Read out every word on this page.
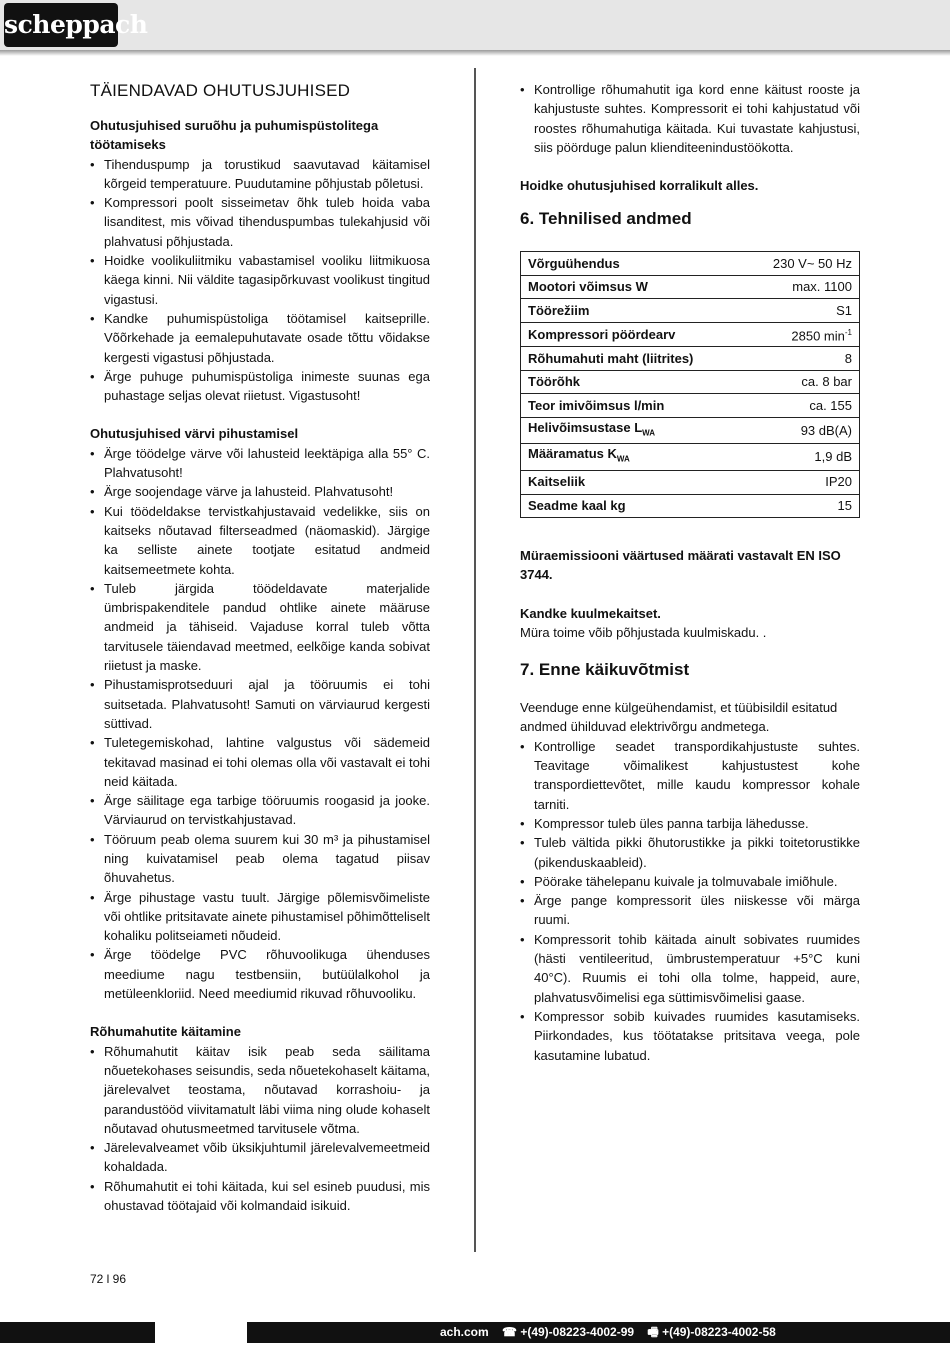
scheppach
TÄIENDAVAD OHUTUSJUHISED
Ohutusjuhised suruõhu ja puhumispüstolitega töötamiseks
• Tihenduspump ja torustikud saavutavad käitamisel kõrgeid temperatuure. Puudutamine põhjustab põletusi.
• Kompressori poolt sisseimetav õhk tuleb hoida vaba lisanditest, mis võivad tihenduspumbas tulekahjusid või plahvatusi põhjustada.
• Hoidke voolikuliitmiku vabastamisel vooliku liitmikuosa käega kinni. Nii väldite tagasipõrkuvast voolikust tingitud vigastusi.
• Kandke puhumispüstoliga töötamisel kaitseprille. Võõrkehade ja eemalepuhutavate osade tõttu võidakse kergesti vigastusi põhjustada.
• Ärge puhuge puhumispüstoliga inimeste suunas ega puhastage seljas olevat riietust. Vigastusoht!
Ohutusjuhised värvi pihustamisel
• Ärge töödelge värve või lahusteid leektäpiga alla 55° C. Plahvatusoht!
• Ärge soojendage värve ja lahusteid. Plahvatusoht!
• Kui töödeldakse tervistkahjustavaid vedelikke, siis on kaitseks nõutavad filterseadmed (näomaskid). Järgige ka selliste ainete tootjate esitatud andmeid kaitsemeetmete kohta.
• Tuleb järgida töödeldavate materjalide ümbrispakenditele pandud ohtlike ainete määruse andmeid ja tähiseid. Vajaduse korral tuleb võtta tarvitusele täiendavad meetmed, eelkõige kanda sobivat riietust ja maske.
• Pihustamisprotseduuri ajal ja tööruumis ei tohi suitsetada. Plahvatusoht! Samuti on värviaurud kergesti süttivad.
• Tuletegemiskohad, lahtine valgustus või sädemeid tekitavad masinad ei tohi olemas olla või vastavalt ei tohi neid käitada.
• Ärge säilitage ega tarbige tööruumis roogasid ja jooke. Värviaurud on tervistkahjustavad.
• Tööruum peab olema suurem kui 30 m³ ja pihustamisel ning kuivatamisel peab olema tagatud piisav õhuvahetus.
• Ärge pihustage vastu tuult. Järgige põlemisvõimeliste või ohtlike pritsitavate ainete pihustamisel põhimõtteliselt kohaliku politseiameti nõudeid.
• Ärge töödelge PVC rõhuvoolikuga ühenduses meediume nagu testbensiin, butüülalkohol ja metüleenkloriid. Need meediumid rikuvad rõhuvooliku.
Rõhumahutite käitamine
• Rõhumahutit käitav isik peab seda säilitama nõuetekohases seisundis, seda nõuetekohaselt käitama, järelevalvet teostama, nõutavad korrashoiu- ja parandustööd viivitamatult läbi viima ning olude kohaselt nõutavad ohutusmeetmed tarvitusele võtma.
• Järelevalveamet võib üksikjuhtumil järelevalvemeetmeid kohaldada.
• Rõhumahutit ei tohi käitada, kui sel esineb puudusi, mis ohustavad töötajaid või kolmandaid isikuid.
• Kontrollige rõhumahutit iga kord enne käitust rooste ja kahjustuste suhtes. Kompressorit ei tohi kahjustatud või roostes rõhumahutiga käitada. Kui tuvastate kahjustusi, siis pöörduge palun klienditeenindustöökotta.
Hoidke ohutusjuhised korralikult alles.
6. Tehnilised andmed
Võrguühendus	230 V~ 50 Hz
Mootori võimsus W	max. 1100
Töörežiim	S1
Kompressori pöördearv	2850 $\min^{-1}$
Rõhumahuti maht (liitrites)	8
Töörõhk	ca. 8 bar
Teor imivõimsus l/min	ca. 155
Helivõimsustase $L_{WA}$	93 dB(A)
Määramatus $K_{WA}$	1,9 dB
Kaitseliik	IP20
Seadme kaal kg	15
Müraemissiooni väärtused määrati vastavalt EN ISO 3744.
Kandke kuulmekaitset.
Müra toime võib põhjustada kuulmiskadu. .
7. Enne käikuvõtmist
Veenduge enne külgeühendamist, et tüübisildil esitatud andmed ühilduvad elektrivõrgu andmetega.
• Kontrollige seadet transpordikahjustuste suhtes. Teavitage võimalikest kahjustustest kohe transpordiettevõtet, mille kaudu kompressor kohale tarniti.
• Kompressor tuleb üles panna tarbija lähedusse.
• Tuleb vältida pikki õhutorustikke ja pikki toitetorustikke (pikenduskaableid).
• Pöörake tähelepanu kuivale ja tolmuvabale imiõhule.
• Ärge pange kompressorit üles niiskesse või märga ruumi.
• Kompressorit tohib käitada ainult sobivates ruumides (hästi ventileeritud, ümbrustemperatuur +5°C kuni 40°C). Ruumis ei tohi olla tolme, happeid, aure, plahvatusvõimelisi ega süttimisvõimelisi gaase.
• Kompressor sobib kuivades ruumides kasutamiseks. Piirkondades, kus töötatakse pritsitava veega, pole kasutamine lubatud.
72 l 96
ach.com ☎ +(49)-08223-4002-99 🖷 +(49)-08223-4002-58
